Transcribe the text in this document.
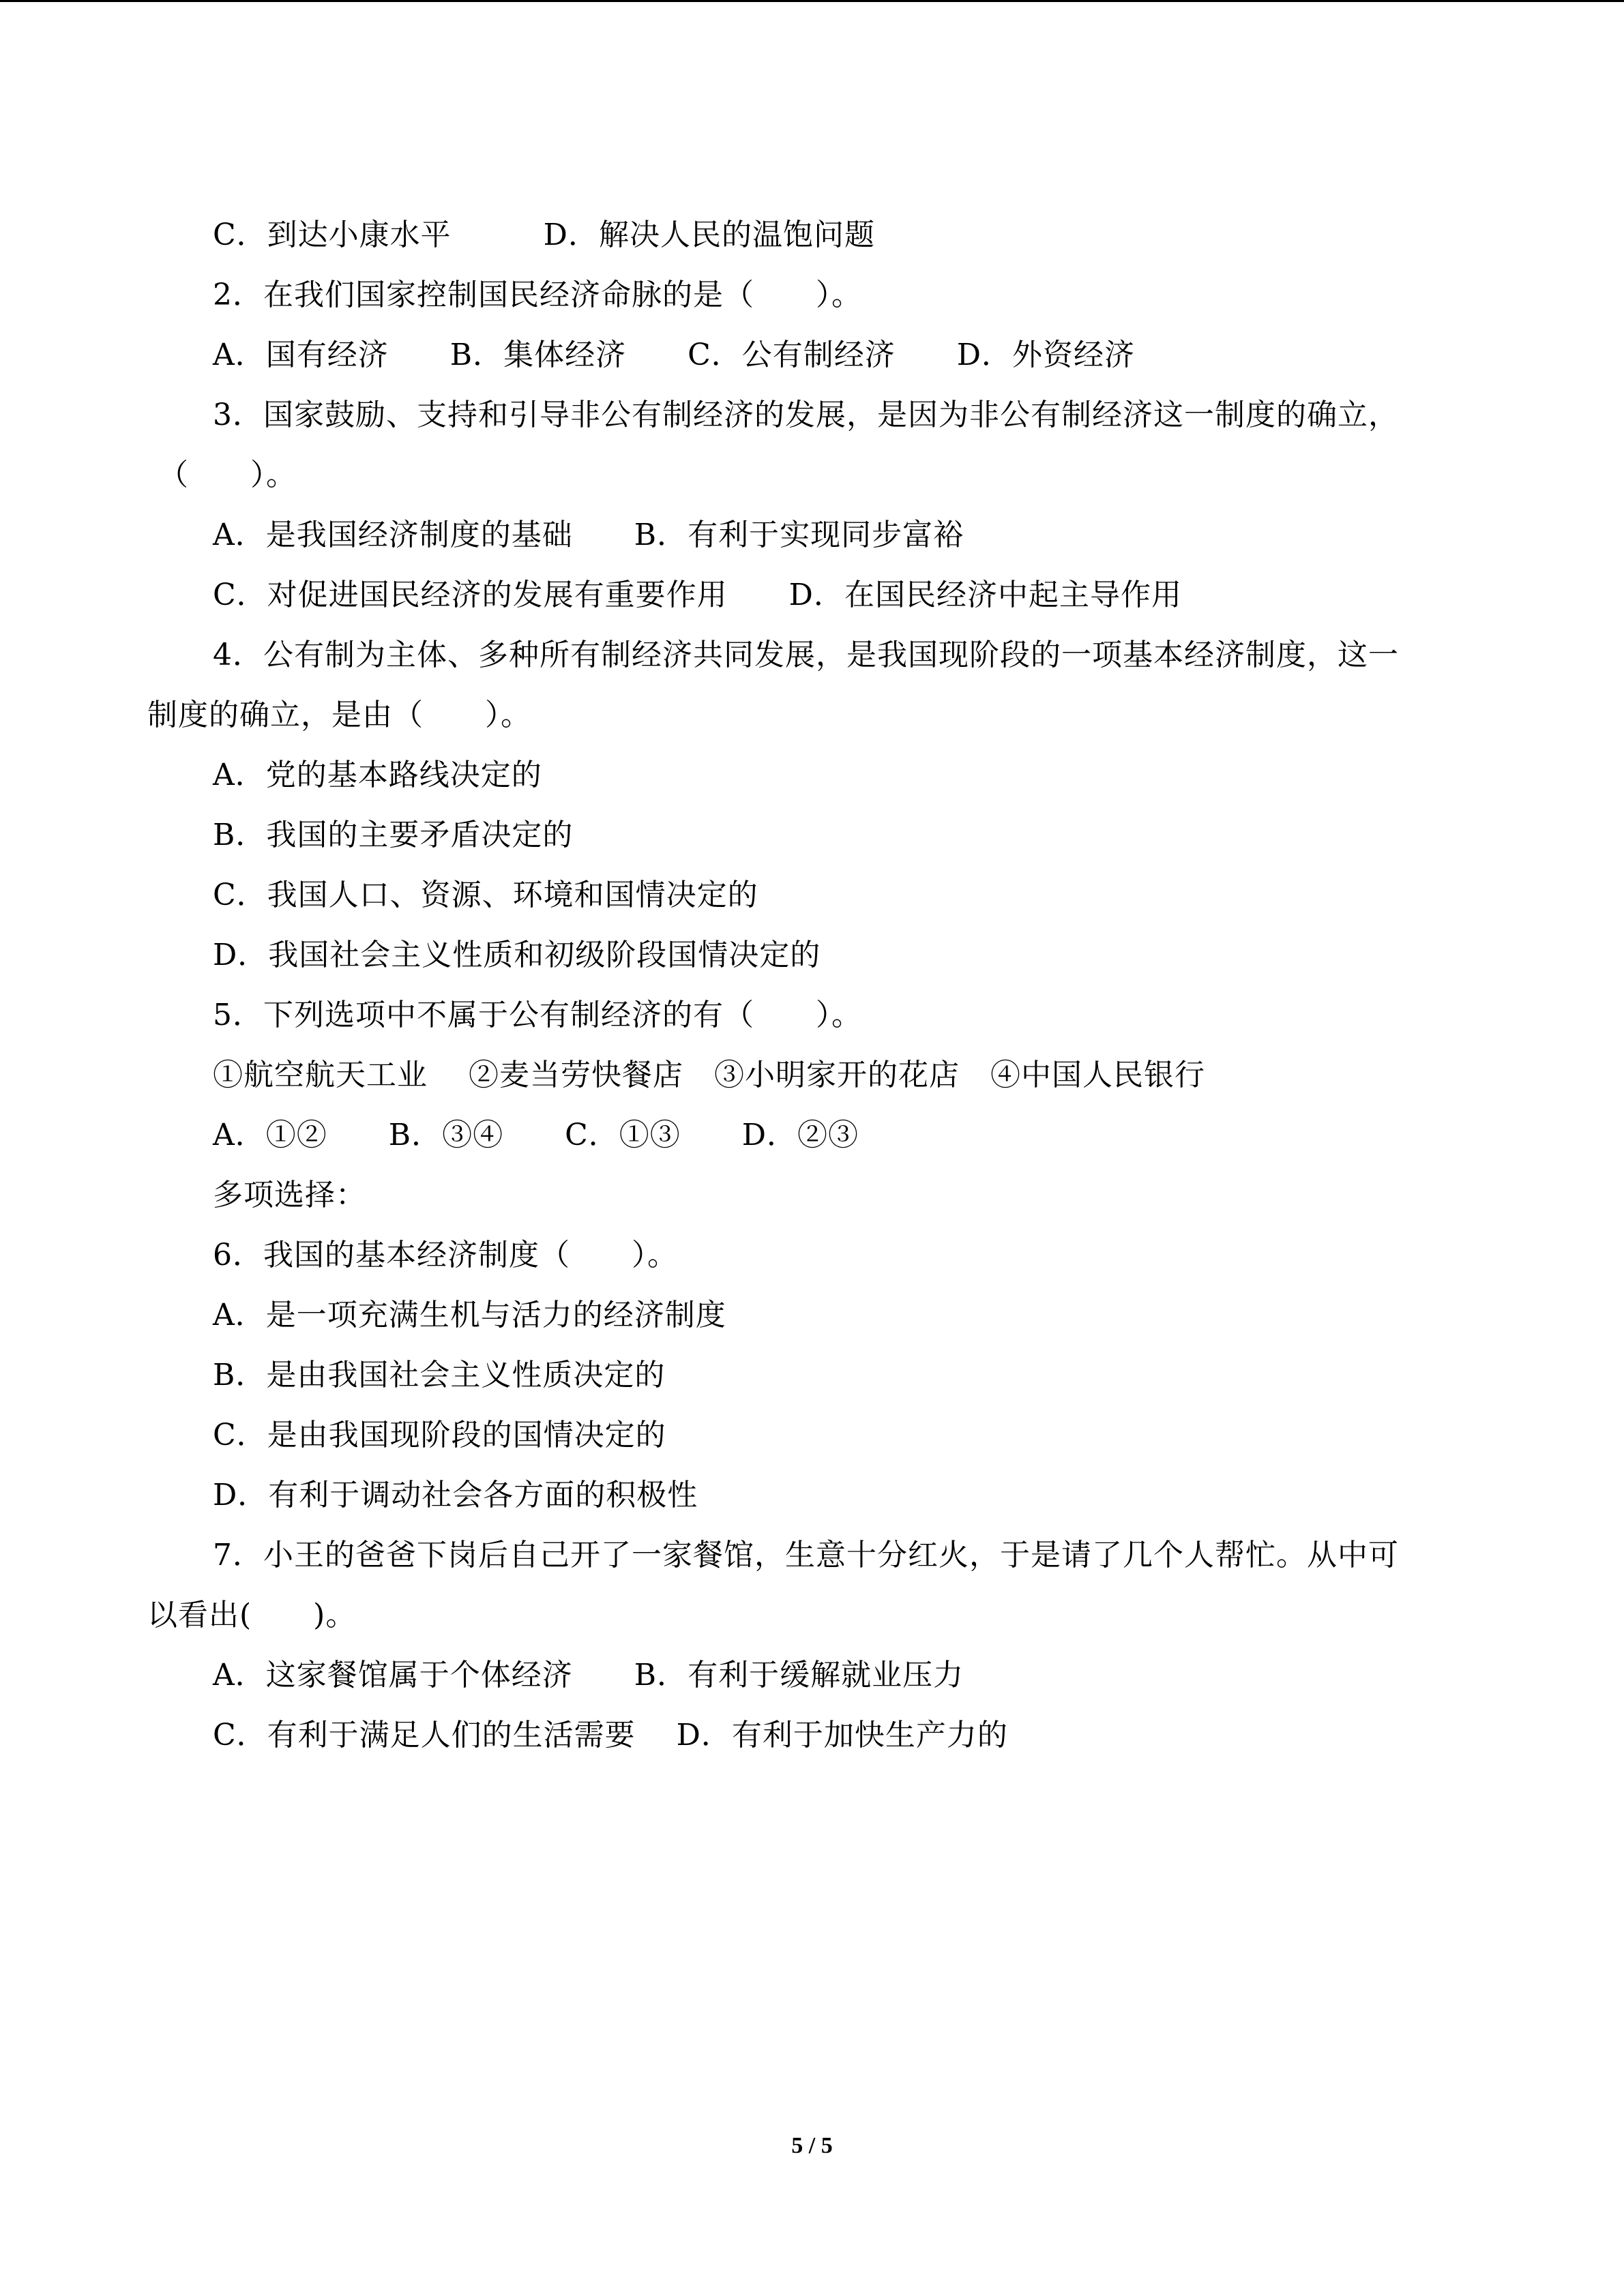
C．到达小康水平　　　D．解决人民的温饱问题
2．在我们国家控制国民经济命脉的是（　　）。
A．国有经济　　B．集体经济　　C．公有制经济　　D．外资经济
3．国家鼓励、支持和引导非公有制经济的发展，是因为非公有制经济这一制度的确立，
（　　）。
A．是我国经济制度的基础　　B．有利于实现同步富裕
C．对促进国民经济的发展有重要作用　　D．在国民经济中起主导作用
4．公有制为主体、多种所有制经济共同发展，是我国现阶段的一项基本经济制度，这一
制度的确立，是由（　　）。
A．党的基本路线决定的
B．我国的主要矛盾决定的
C．我国人口、资源、环境和国情决定的
D．我国社会主义性质和初级阶段国情决定的
5．下列选项中不属于公有制经济的有（　　）。
①航空航天工业　 ②麦当劳快餐店　③小明家开的花店　④中国人民银行
A．①②　　B．③④　　C．①③　　D．②③
多项选择：
6．我国的基本经济制度（　　）。
A．是一项充满生机与活力的经济制度
B．是由我国社会主义性质决定的
C．是由我国现阶段的国情决定的
D．有利于调动社会各方面的积极性
7．小王的爸爸下岗后自己开了一家餐馆，生意十分红火，于是请了几个人帮忙。从中可
以看出(　　)。
A．这家餐馆属于个体经济　　B．有利于缓解就业压力
C．有利于满足人们的生活需要　 D．有利于加快生产力的
5 / 5
